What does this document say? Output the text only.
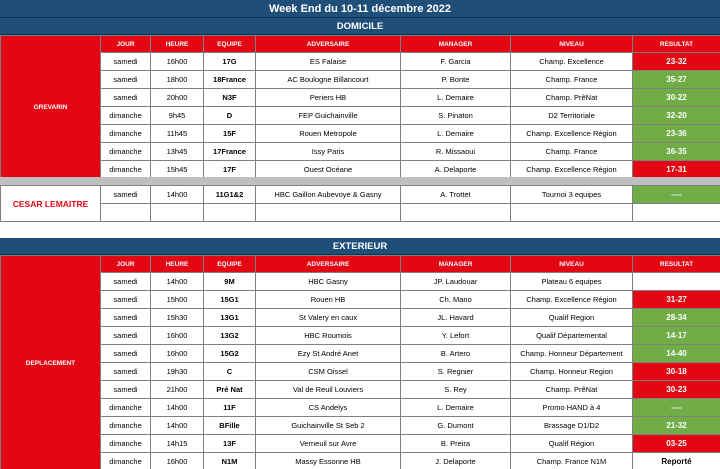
Week End du 10-11 décembre 2022
DOMICILE
GREVARIN	JOUR	HEURE	EQUIPE	ADVERSAIRE	MANAGER	NIVEAU	RESULTAT
	samedi	16h00	17G	ES Falaise	F. Garcia	Champ. Excellence	23-32
	samedi	18h00	18France	AC Boulogne Billancourt	P. Bonte	Champ. France	35-27
	samedi	20h00	N3F	Periers HB	L. Demaire	Champ. PrêNat	30-22
	dimanche	9h45	D	FEP Guichainville	S. Pinaton	D2 Territoriale	32-20
	dimanche	11h45	15F	Rouen Metropole	L. Demaire	Champ. Excellence Région	23-36
	dimanche	13h45	17France	Issy Paris	R. Missaoui	Champ. France	36-35
	dimanche	15h45	17F	Ouest Océane	A. Delaporte	Champ. Excellence Région	17-31
CESAR LEMAITRE	samedi	14h00	11G1&2	HBC Gaillon Aubevoye & Gasny	A. Trottet	Tournoi 3 equipes	----

EXTERIEUR
DEPLACEMENT	JOUR	HEURE	EQUIPE	ADVERSAIRE	MANAGER	NIVEAU	RESULTAT
	samedi	14h00	9M	HBC Gasny	JP. Laudouar	Plateau 6 equipes	
	samedi	15h00	15G1	Rouen HB	Ch. Mano	Champ. Excellence Région	31-27
	samedi	15h30	13G1	St Valery en caux	JL. Havard	Qualif Region	28-34
	samedi	16h00	13G2	HBC Roumois	Y. Lefort	Qualif Départemental	14-17
	samedi	16h00	15G2	Ezy St André Anet	B. Artero	Champ. Honneur Département	14-40
	samedi	19h30	C	CSM Oissel	S. Regnier	Champ. Honneur Region	30-18
	samedi	21h00	Pré Nat	Val de Reuil Louviers	S. Rey	Champ. PrêNat	30-23
	dimanche	14h00	11F	CS Andelys	L. Demaire	Promo HAND à 4	----
	dimanche	14h00	BFille	Guichainville St Seb 2	G. Dumont	Brassage D1/D2	21-32
	dimanche	14h15	13F	Verneuil sur Avre	B. Preira	Qualif Région	03-25
	dimanche	16h00	N1M	Massy Essonne HB	J. Delaporte	Champ. France N1M	Reporté
